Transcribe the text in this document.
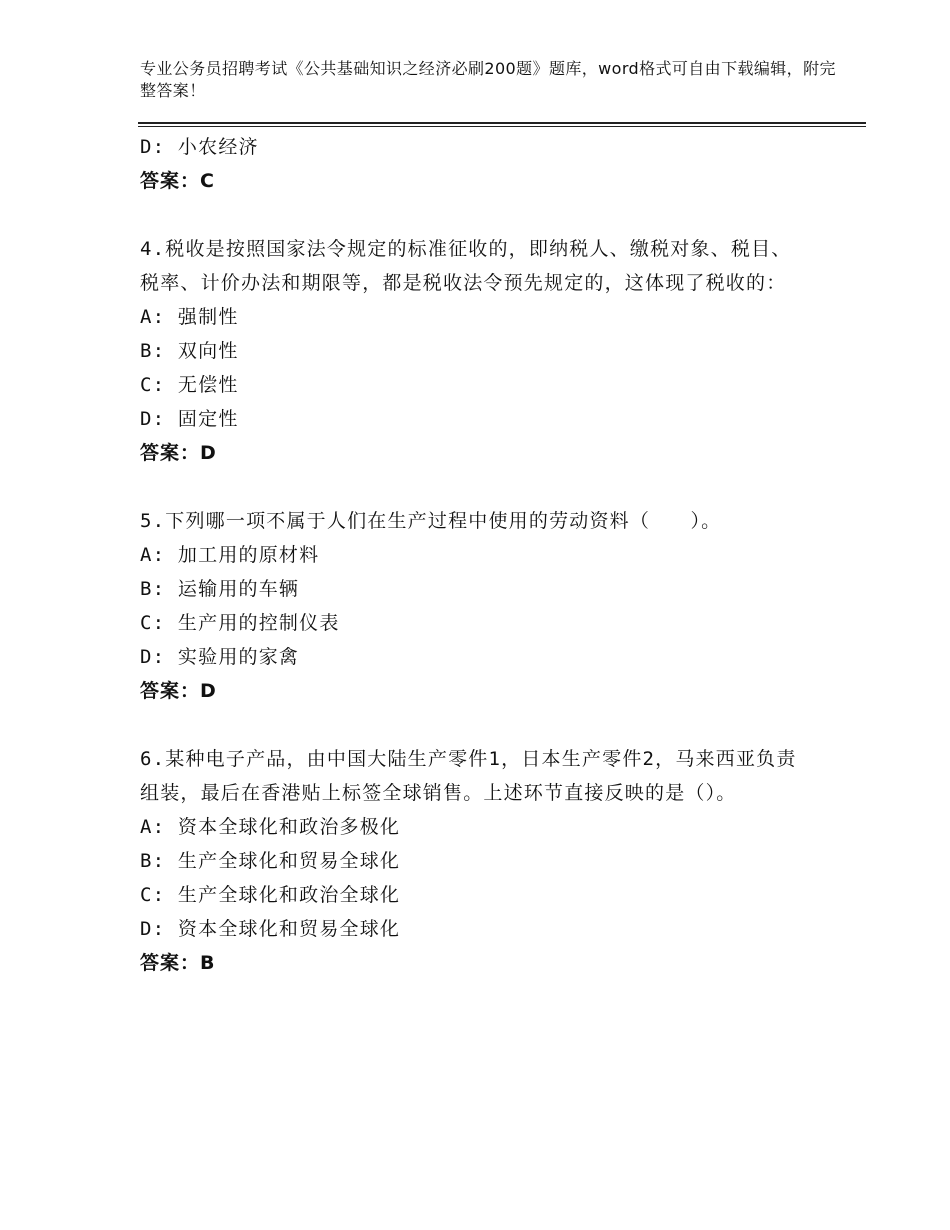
专业公务员招聘考试《公共基础知识之经济必刷200题》题库，word格式可自由下载编辑，附完整答案！

D: 小农经济

答案：C

4.税收是按照国家法令规定的标准征收的，即纳税人、缴税对象、税目、税率、计价办法和期限等，都是税收法令预先规定的，这体现了税收的：

A: 强制性

B: 双向性

C: 无偿性

D: 固定性

答案：D

5.下列哪一项不属于人们在生产过程中使用的劳动资料（　　）。

A: 加工用的原材料

B: 运输用的车辆

C: 生产用的控制仪表

D: 实验用的家禽

答案：D

6.某种电子产品，由中国大陆生产零件1，日本生产零件2，马来西亚负责组装，最后在香港贴上标签全球销售。上述环节直接反映的是（）。

A: 资本全球化和政治多极化

B: 生产全球化和贸易全球化

C: 生产全球化和政治全球化

D: 资本全球化和贸易全球化

答案：B
